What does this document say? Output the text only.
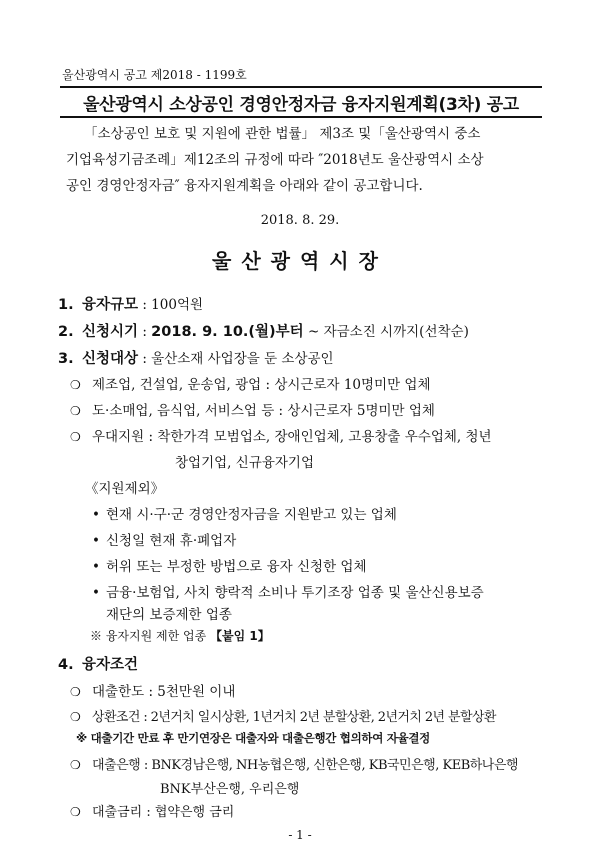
울산광역시 공고 제2018 - 1199호
울산광역시 소상공인 경영안정자금 융자지원계획(3차) 공고
「소상공인 보호 및 지원에 관한 법률」 제3조 및「울산광역시 중소
기업육성기금조례」제12조의 규정에 따라 ″2018년도 울산광역시 소상
공인 경영안정자금″ 융자지원계획을 아래와 같이 공고합니다.
2018. 8. 29.
울산광역시장
1. 융자규모 : 100억원
2. 신청시기 : 2018. 9. 10.(월)부터 ~ 자금소진 시까지(선착순)
3. 신청대상 : 울산소재 사업장을 둔 소상공인
❍ 제조업, 건설업, 운송업, 광업 : 상시근로자 10명미만 업체
❍ 도·소매업, 음식업, 서비스업 등 : 상시근로자 5명미만 업체
❍ 우대지원 : 착한가격 모범업소, 장애인업체, 고용창출 우수업체, 청년
창업기업, 신규융자기업
《지원제외》
• 현재 시·구·군 경영안정자금을 지원받고 있는 업체
• 신청일 현재 휴·폐업자
• 허위 또는 부정한 방법으로 융자 신청한 업체
• 금융·보험업, 사치 향락적 소비나 투기조장 업종 및 울산신용보증
재단의 보증제한 업종
※ 융자지원 제한 업종 【붙임 1】
4. 융자조건
❍ 대출한도 : 5천만원 이내
❍ 상환조건 : 2년거치 일시상환, 1년거치 2년 분할상환, 2년거치 2년 분할상환
※ 대출기간 만료 후 만기연장은 대출자와 대출은행간 협의하여 자율결정
❍ 대출은행 : BNK경남은행, NH농협은행, 신한은행, KB국민은행, KEB하나은행
BNK부산은행, 우리은행
❍ 대출금리 : 협약은행 금리
- 1 -
